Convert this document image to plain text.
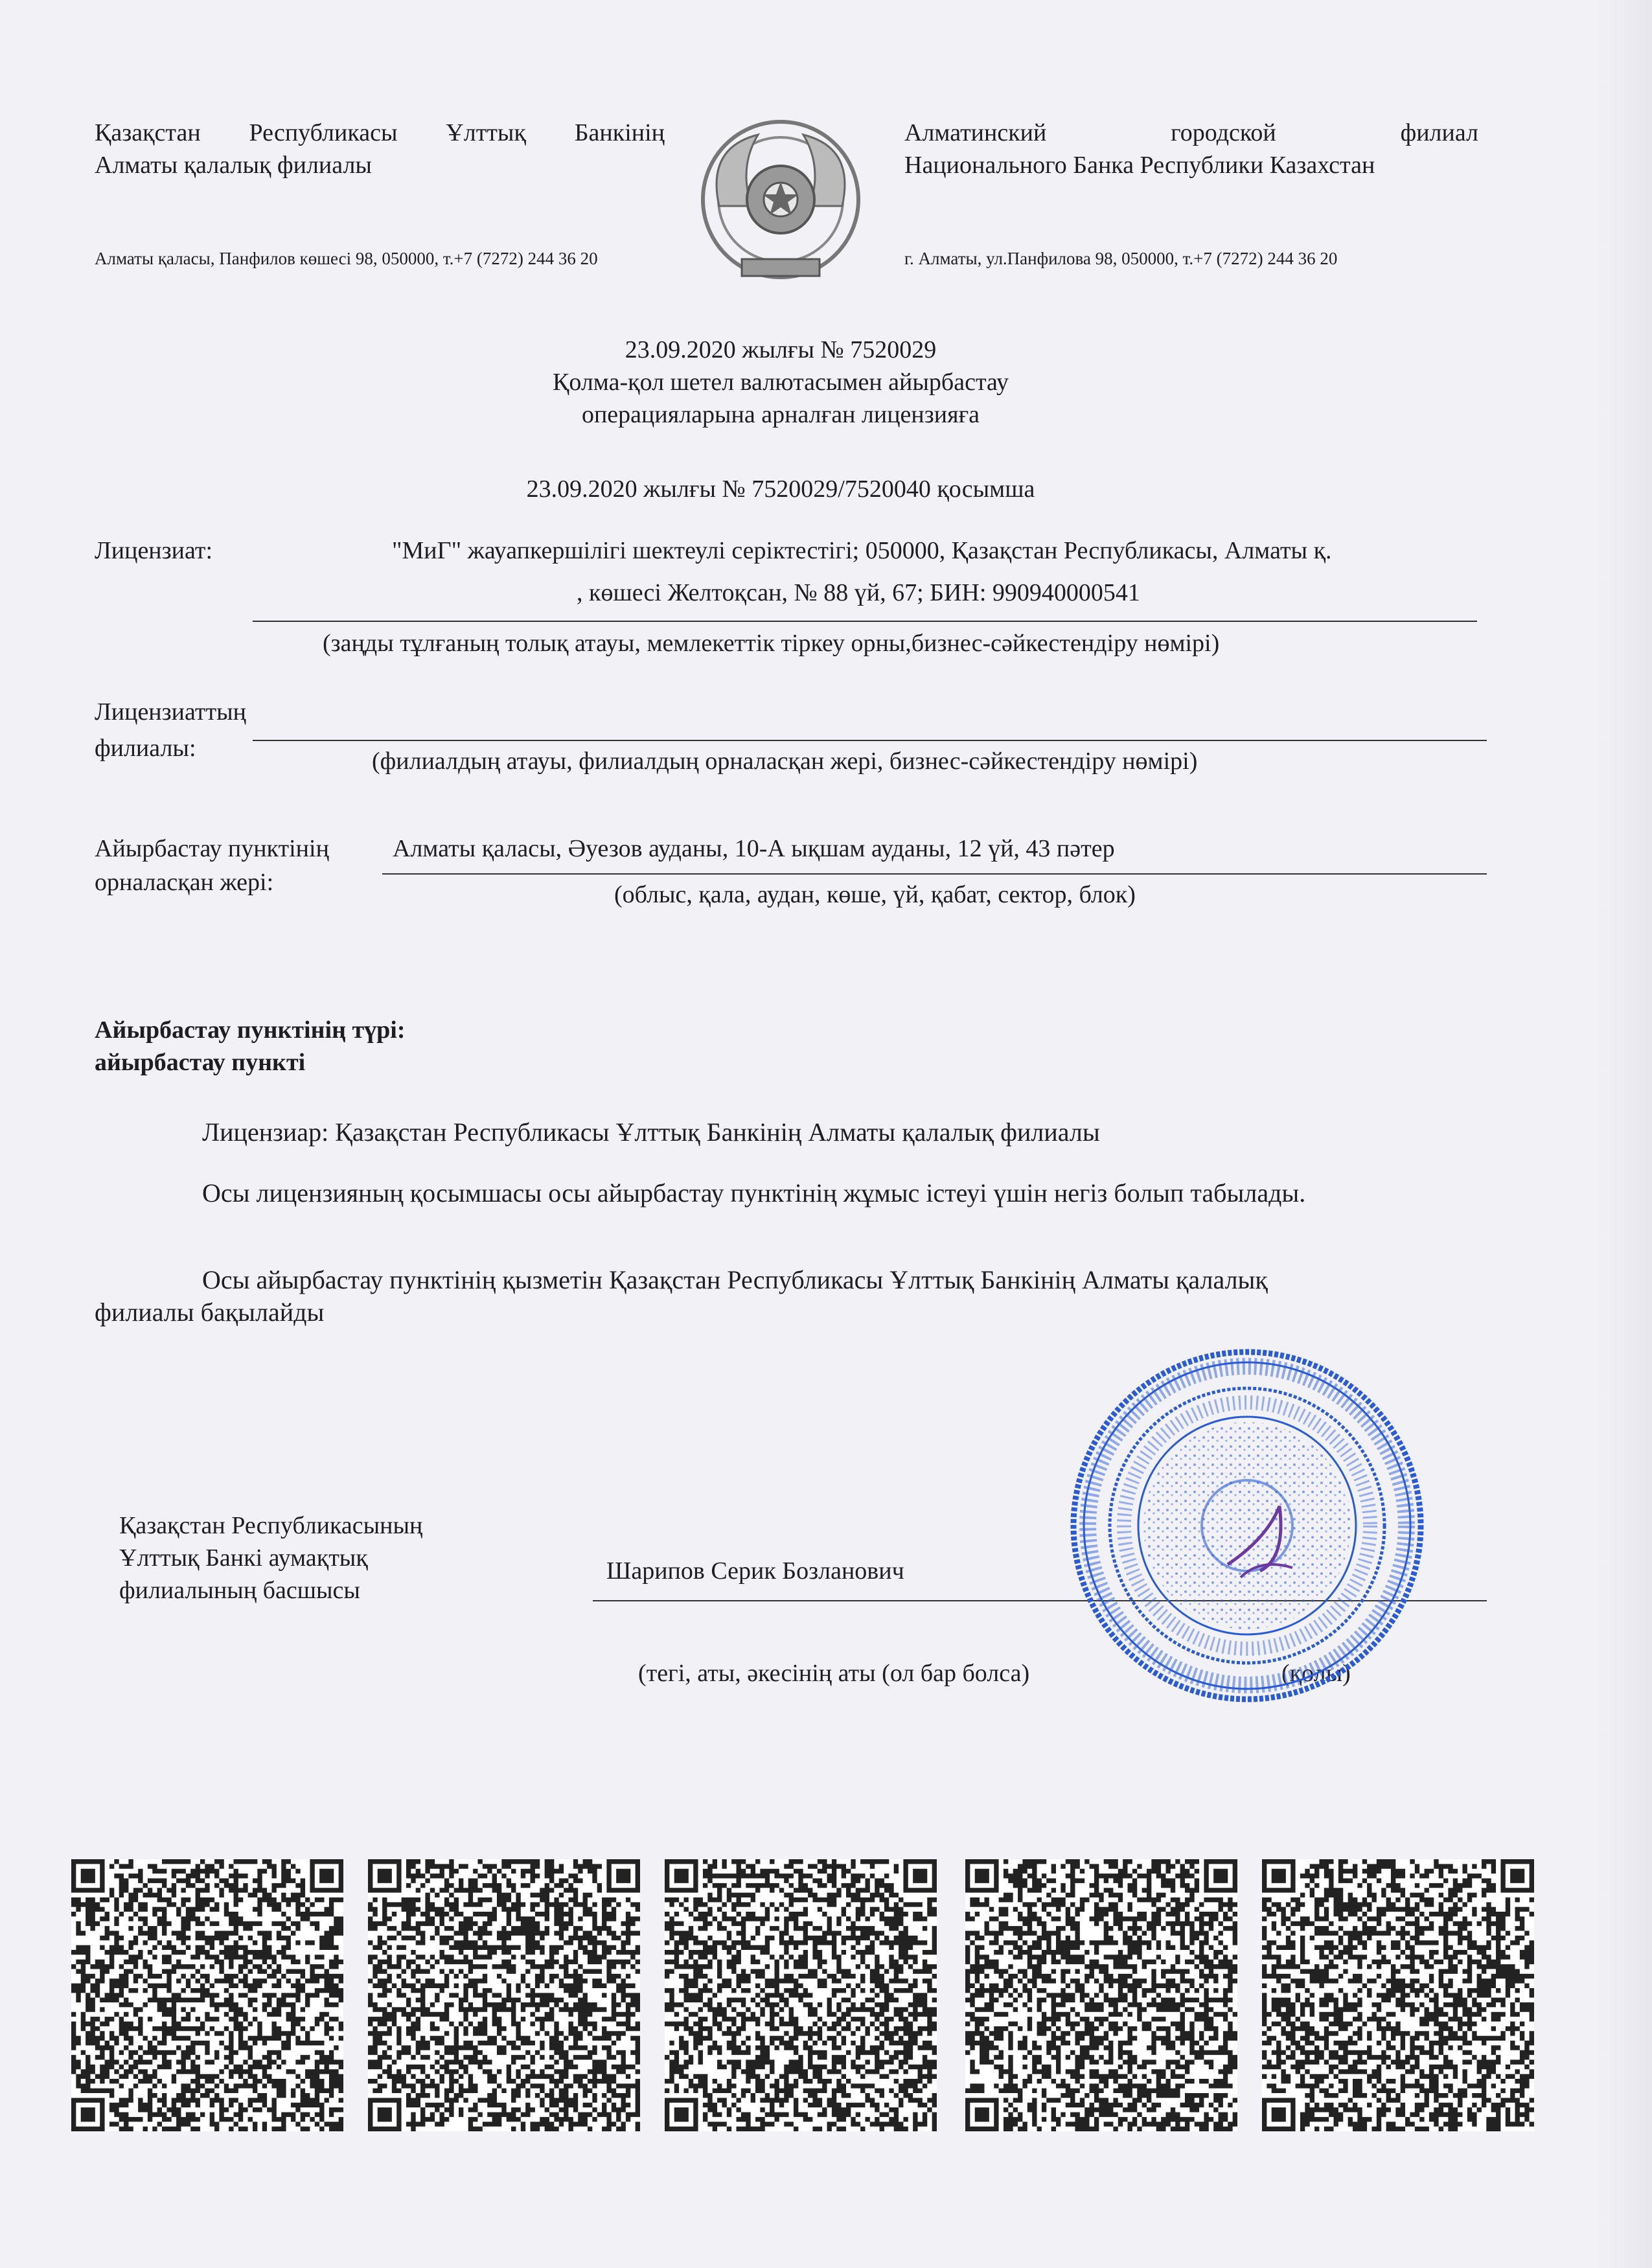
Қазақстан Республикасы Ұлттық Банкінің
Алматы қалалық филиалы
Алматинский городской филиал
Национального Банка Республики Казахстан
Алматы қаласы, Панфилов көшесі 98, 050000, т.+7 (7272) 244 36 20	г. Алматы, ул.Панфилова 98, 050000, т.+7 (7272) 244 36 20
23.09.2020 жылғы № 7520029
Қолма-қол шетел валютасымен айырбастау
операцияларына арналған лицензияға
23.09.2020 жылғы № 7520029/7520040 қосымша
Лицензиат:	"МиГ" жауапкершілігі шектеулі серіктестігі; 050000, Қазақстан Республикасы, Алматы қ.
, көшесі Желтоқсан, № 88 үй, 67; БИН: 990940000541
(заңды тұлғаның толық атауы, мемлекеттік тіркеу орны,бизнес-сәйкестендіру нөмірі)
Лицензиаттың
филиалы:	(филиалдың атауы, филиалдың орналасқан жері, бизнес-сәйкестендіру нөмірі)
Айырбастау пунктінің
орналасқан жері:
Алматы қаласы, Әуезов ауданы, 10-А ықшам ауданы, 12 үй, 43 пәтер
(облыс, қала, аудан, көше, үй, қабат, сектор, блок)
Айырбастау пунктінің түрі:
айырбастау пункті
Лицензиар: Қазақстан Республикасы Ұлттық Банкінің Алматы қалалық филиалы
Осы лицензияның қосымшасы осы айырбастау пунктінің жұмыс істеуі үшін негіз болып табылады.
Осы айырбастау пунктінің қызметін Қазақстан Республикасы Ұлттық Банкінің Алматы қалалық
филиалы бақылайды
Қазақстан Республикасының
Ұлттық Банкі аумақтық
филиалының басшысы
Шарипов Серик Бозланович
(тегі, аты, әкесінің аты (ол бар болса)	(қолы)
